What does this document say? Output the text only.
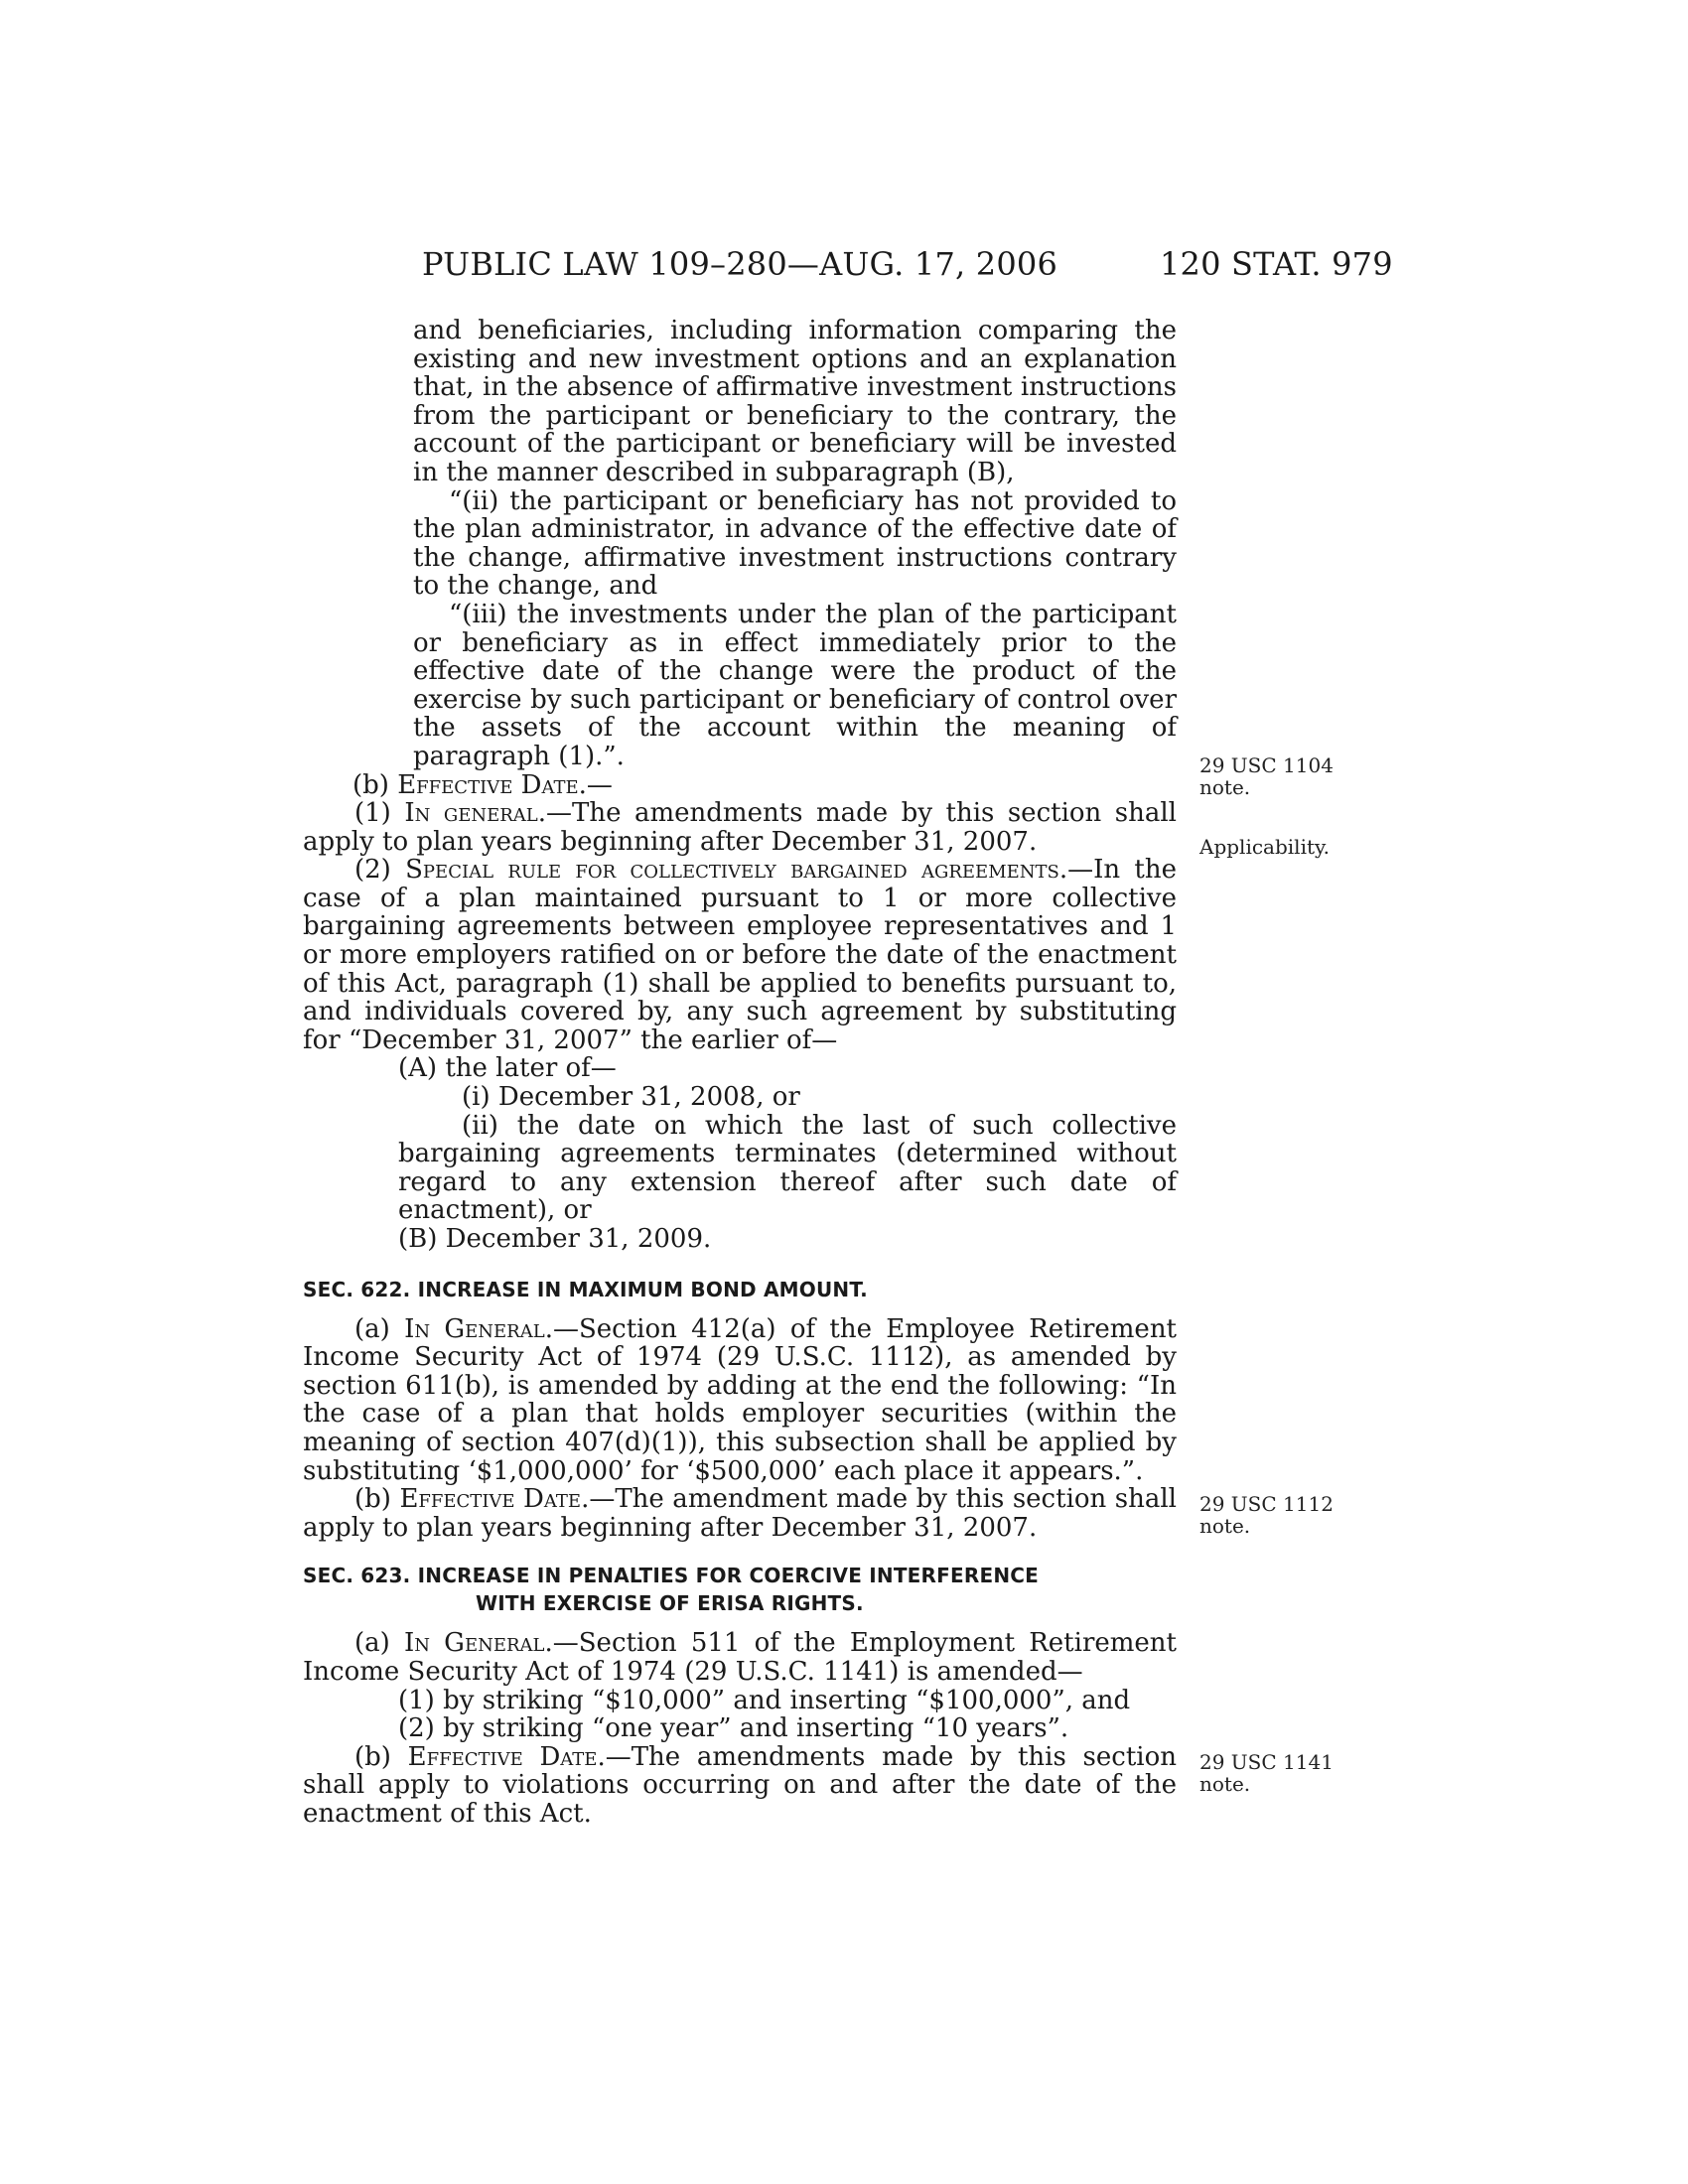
PUBLIC LAW 109–280—AUG. 17, 2006	120 STAT. 979

and beneficiaries, including information comparing the existing and new investment options and an explanation that, in the absence of affirmative investment instructions from the participant or beneficiary to the contrary, the account of the participant or beneficiary will be invested in the manner described in subparagraph (B),

“(ii) the participant or beneficiary has not provided to the plan administrator, in advance of the effective date of the change, affirmative investment instructions contrary to the change, and

“(iii) the investments under the plan of the participant or beneficiary as in effect immediately prior to the effective date of the change were the product of the exercise by such participant or beneficiary of control over the assets of the account within the meaning of paragraph (1).”.

(b) Effective Date.—

(1) In general.—The amendments made by this section shall apply to plan years beginning after December 31, 2007.

(2) Special rule for collectively bargained agreements.—In the case of a plan maintained pursuant to 1 or more collective bargaining agreements between employee representatives and 1 or more employers ratified on or before the date of the enactment of this Act, paragraph (1) shall be applied to benefits pursuant to, and individuals covered by, any such agreement by substituting for “December 31, 2007” the earlier of—

(A) the later of—

(i) December 31, 2008, or

(ii) the date on which the last of such collective bargaining agreements terminates (determined without regard to any extension thereof after such date of enactment), or

(B) December 31, 2009.

SEC. 622. INCREASE IN MAXIMUM BOND AMOUNT.

(a) In General.—Section 412(a) of the Employee Retirement Income Security Act of 1974 (29 U.S.C. 1112), as amended by section 611(b), is amended by adding at the end the following: “In the case of a plan that holds employer securities (within the meaning of section 407(d)(1)), this subsection shall be applied by substituting ‘$1,000,000’ for ‘$500,000’ each place it appears.”.

(b) Effective Date.—The amendment made by this section shall apply to plan years beginning after December 31, 2007.

SEC. 623. INCREASE IN PENALTIES FOR COERCIVE INTERFERENCE
WITH EXERCISE OF ERISA RIGHTS.

(a) In General.—Section 511 of the Employment Retirement Income Security Act of 1974 (29 U.S.C. 1141) is amended—

(1) by striking “$10,000” and inserting “$100,000”, and

(2) by striking “one year” and inserting “10 years”.

(b) Effective Date.—The amendments made by this section shall apply to violations occurring on and after the date of the enactment of this Act.

29 USC 1104
note.
Applicability.
29 USC 1112
note.
29 USC 1141
note.
